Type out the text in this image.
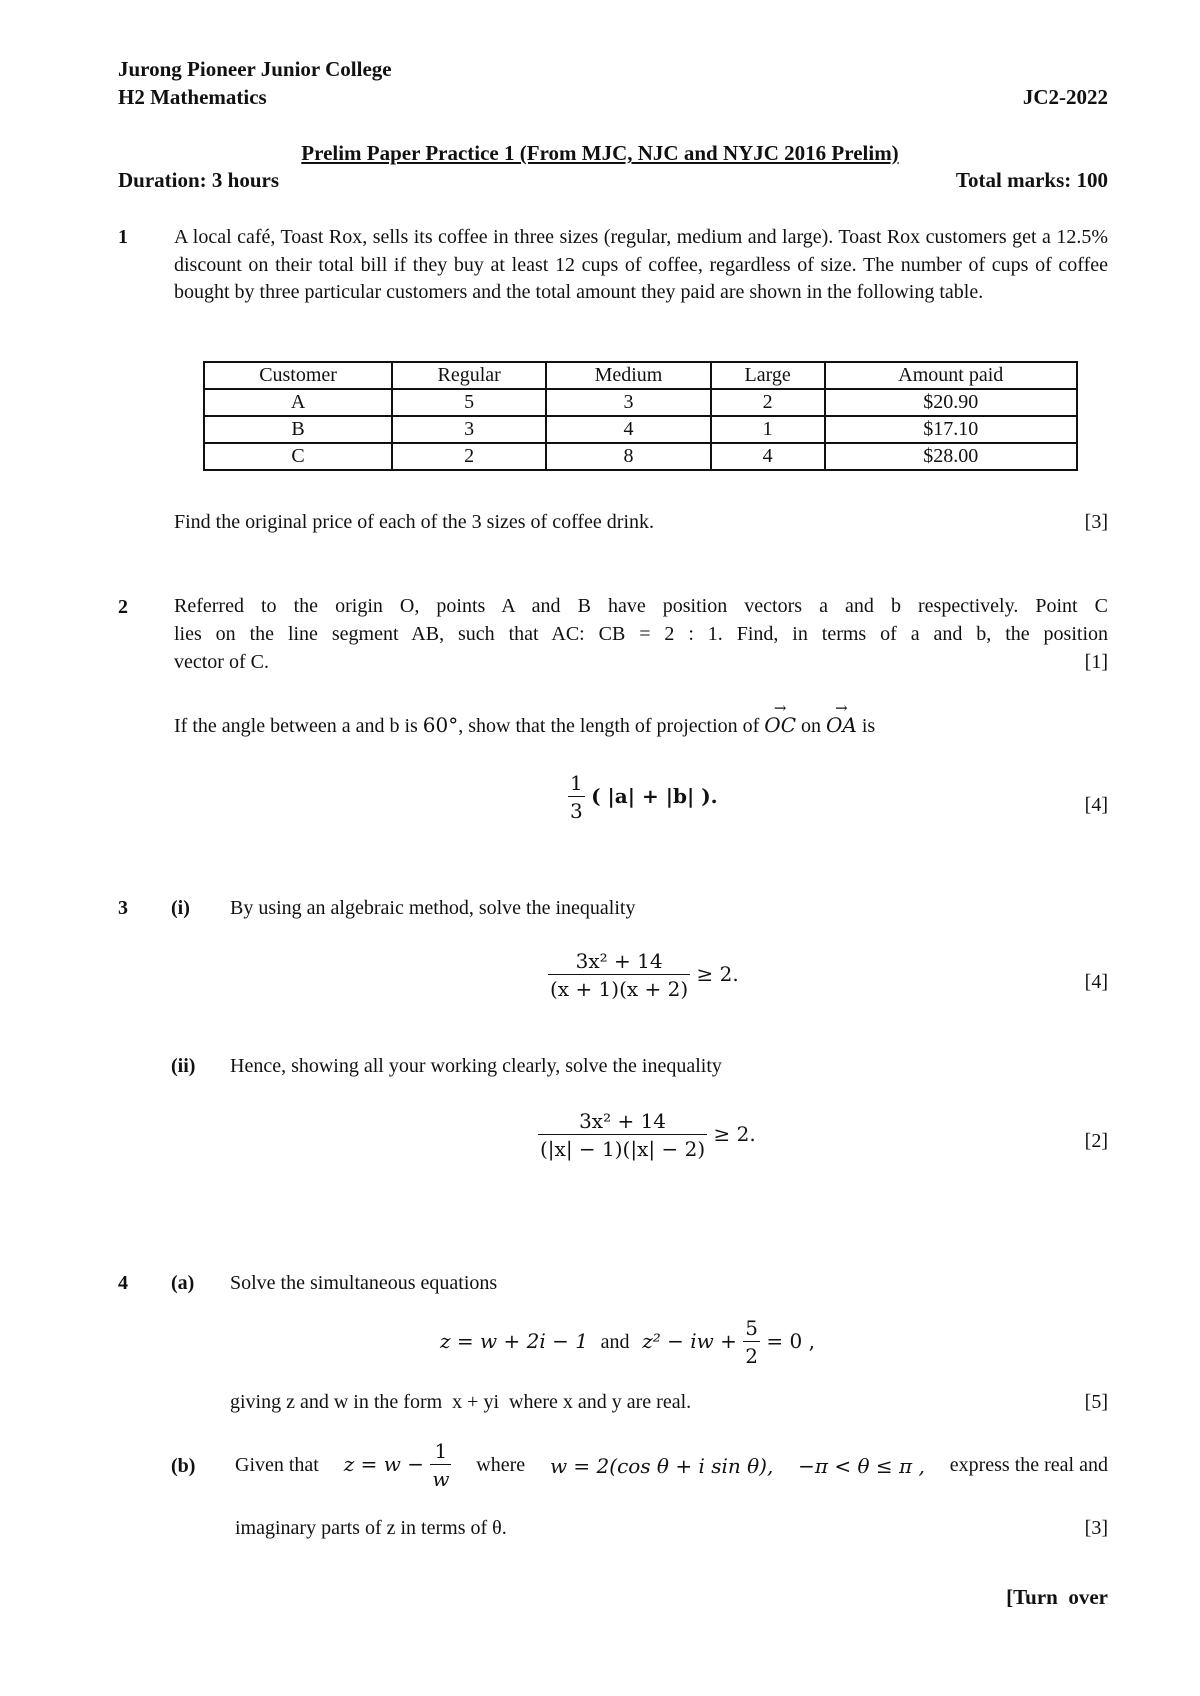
Jurong Pioneer Junior College
H2 Mathematics	JC2-2022
Prelim Paper Practice 1 (From MJC, NJC and NYJC 2016 Prelim)
Duration: 3 hours	Total marks: 100
1 A local café, Toast Rox, sells its coffee in three sizes (regular, medium and large). Toast Rox customers get a 12.5% discount on their total bill if they buy at least 12 cups of coffee, regardless of size. The number of cups of coffee bought by three particular customers and the total amount they paid are shown in the following table.
Customer	Regular	Medium	Large	Amount paid
A	5	3	2	$20.90
B	3	4	1	$17.10
C	2	8	4	$28.00
Find the original price of each of the 3 sizes of coffee drink.	[3]
2 Referred to the origin O, points A and B have position vectors a and b respectively. Point C
lies on the line segment AB, such that AC: CB = 2 : 1. Find, in terms of a and b, the position
vector of C.	[1]
If the angle between a and b is 60°, show that the length of projection of
→
OC on
→
OA is
$\frac{1}{3}$ ( |a| + |b| ).	[4]
3 (i) By using an algebraic method, solve the inequality
$\frac{\text{3x² + 14}}{(x + 1)(x + 2)} \ge 2$.	[4]
(ii) Hence, showing all your working clearly, solve the inequality
$\frac{\text{3x² + 14}}{(|x| - 1)(|x| - 2)} \ge 2$.	[2]
4 (a) Solve the simultaneous equations
z = w + 2i − 1 and z² − iw + $\frac{5}{2} = 0$ ,
giving z and w in the form  x + yi  where x and y are real.	[5]
(b) Given that $z = w - \frac{1}{w}$ where w = 2(cos θ + i sin θ), −π < θ ≤ π , express the real and
imaginary parts of z in terms of θ.	[3]
[Turn  over
